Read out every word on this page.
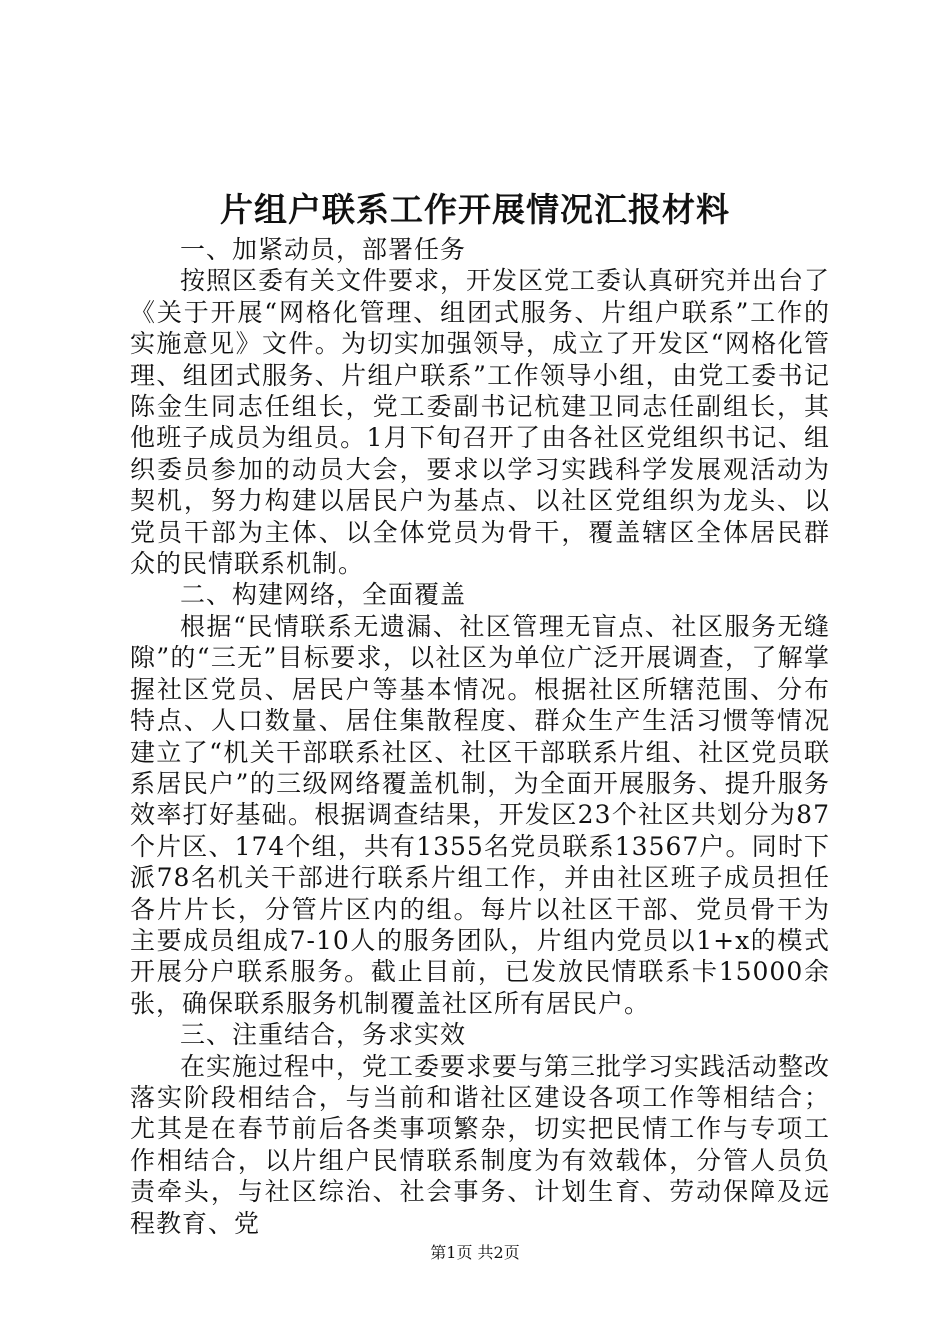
片组户联系工作开展情况汇报材料

一、加紧动员，部署任务

按照区委有关文件要求，开发区党工委认真研究并出台了《关于开展“网格化管理、组团式服务、片组户联系”工作的实施意见》文件。为切实加强领导，成立了开发区“网格化管理、组团式服务、片组户联系”工作领导小组，由党工委书记陈金生同志任组长，党工委副书记杭建卫同志任副组长，其他班子成员为组员。1月下旬召开了由各社区党组织书记、组织委员参加的动员大会，要求以学习实践科学发展观活动为契机，努力构建以居民户为基点、以社区党组织为龙头、以党员干部为主体、以全体党员为骨干，覆盖辖区全体居民群众的民情联系机制。

二、构建网络，全面覆盖

根据“民情联系无遗漏、社区管理无盲点、社区服务无缝隙”的“三无”目标要求，以社区为单位广泛开展调查，了解掌握社区党员、居民户等基本情况。根据社区所辖范围、分布特点、人口数量、居住集散程度、群众生产生活习惯等情况建立了“机关干部联系社区、社区干部联系片组、社区党员联系居民户”的三级网络覆盖机制，为全面开展服务、提升服务效率打好基础。根据调查结果，开发区23个社区共划分为87个片区、174个组，共有1355名党员联系13567户。同时下派78名机关干部进行联系片组工作，并由社区班子成员担任各片片长，分管片区内的组。每片以社区干部、党员骨干为主要成员组成7-10人的服务团队，片组内党员以1+x的模式开展分户联系服务。截止目前，已发放民情联系卡15000余张，确保联系服务机制覆盖社区所有居民户。

三、注重结合，务求实效

在实施过程中，党工委要求要与第三批学习实践活动整改落实阶段相结合，与当前和谐社区建设各项工作等相结合；尤其是在春节前后各类事项繁杂，切实把民情工作与专项工作相结合，以片组户民情联系制度为有效载体，分管人员负责牵头，与社区综治、社会事务、计划生育、劳动保障及远程教育、党

第1页 共2页
